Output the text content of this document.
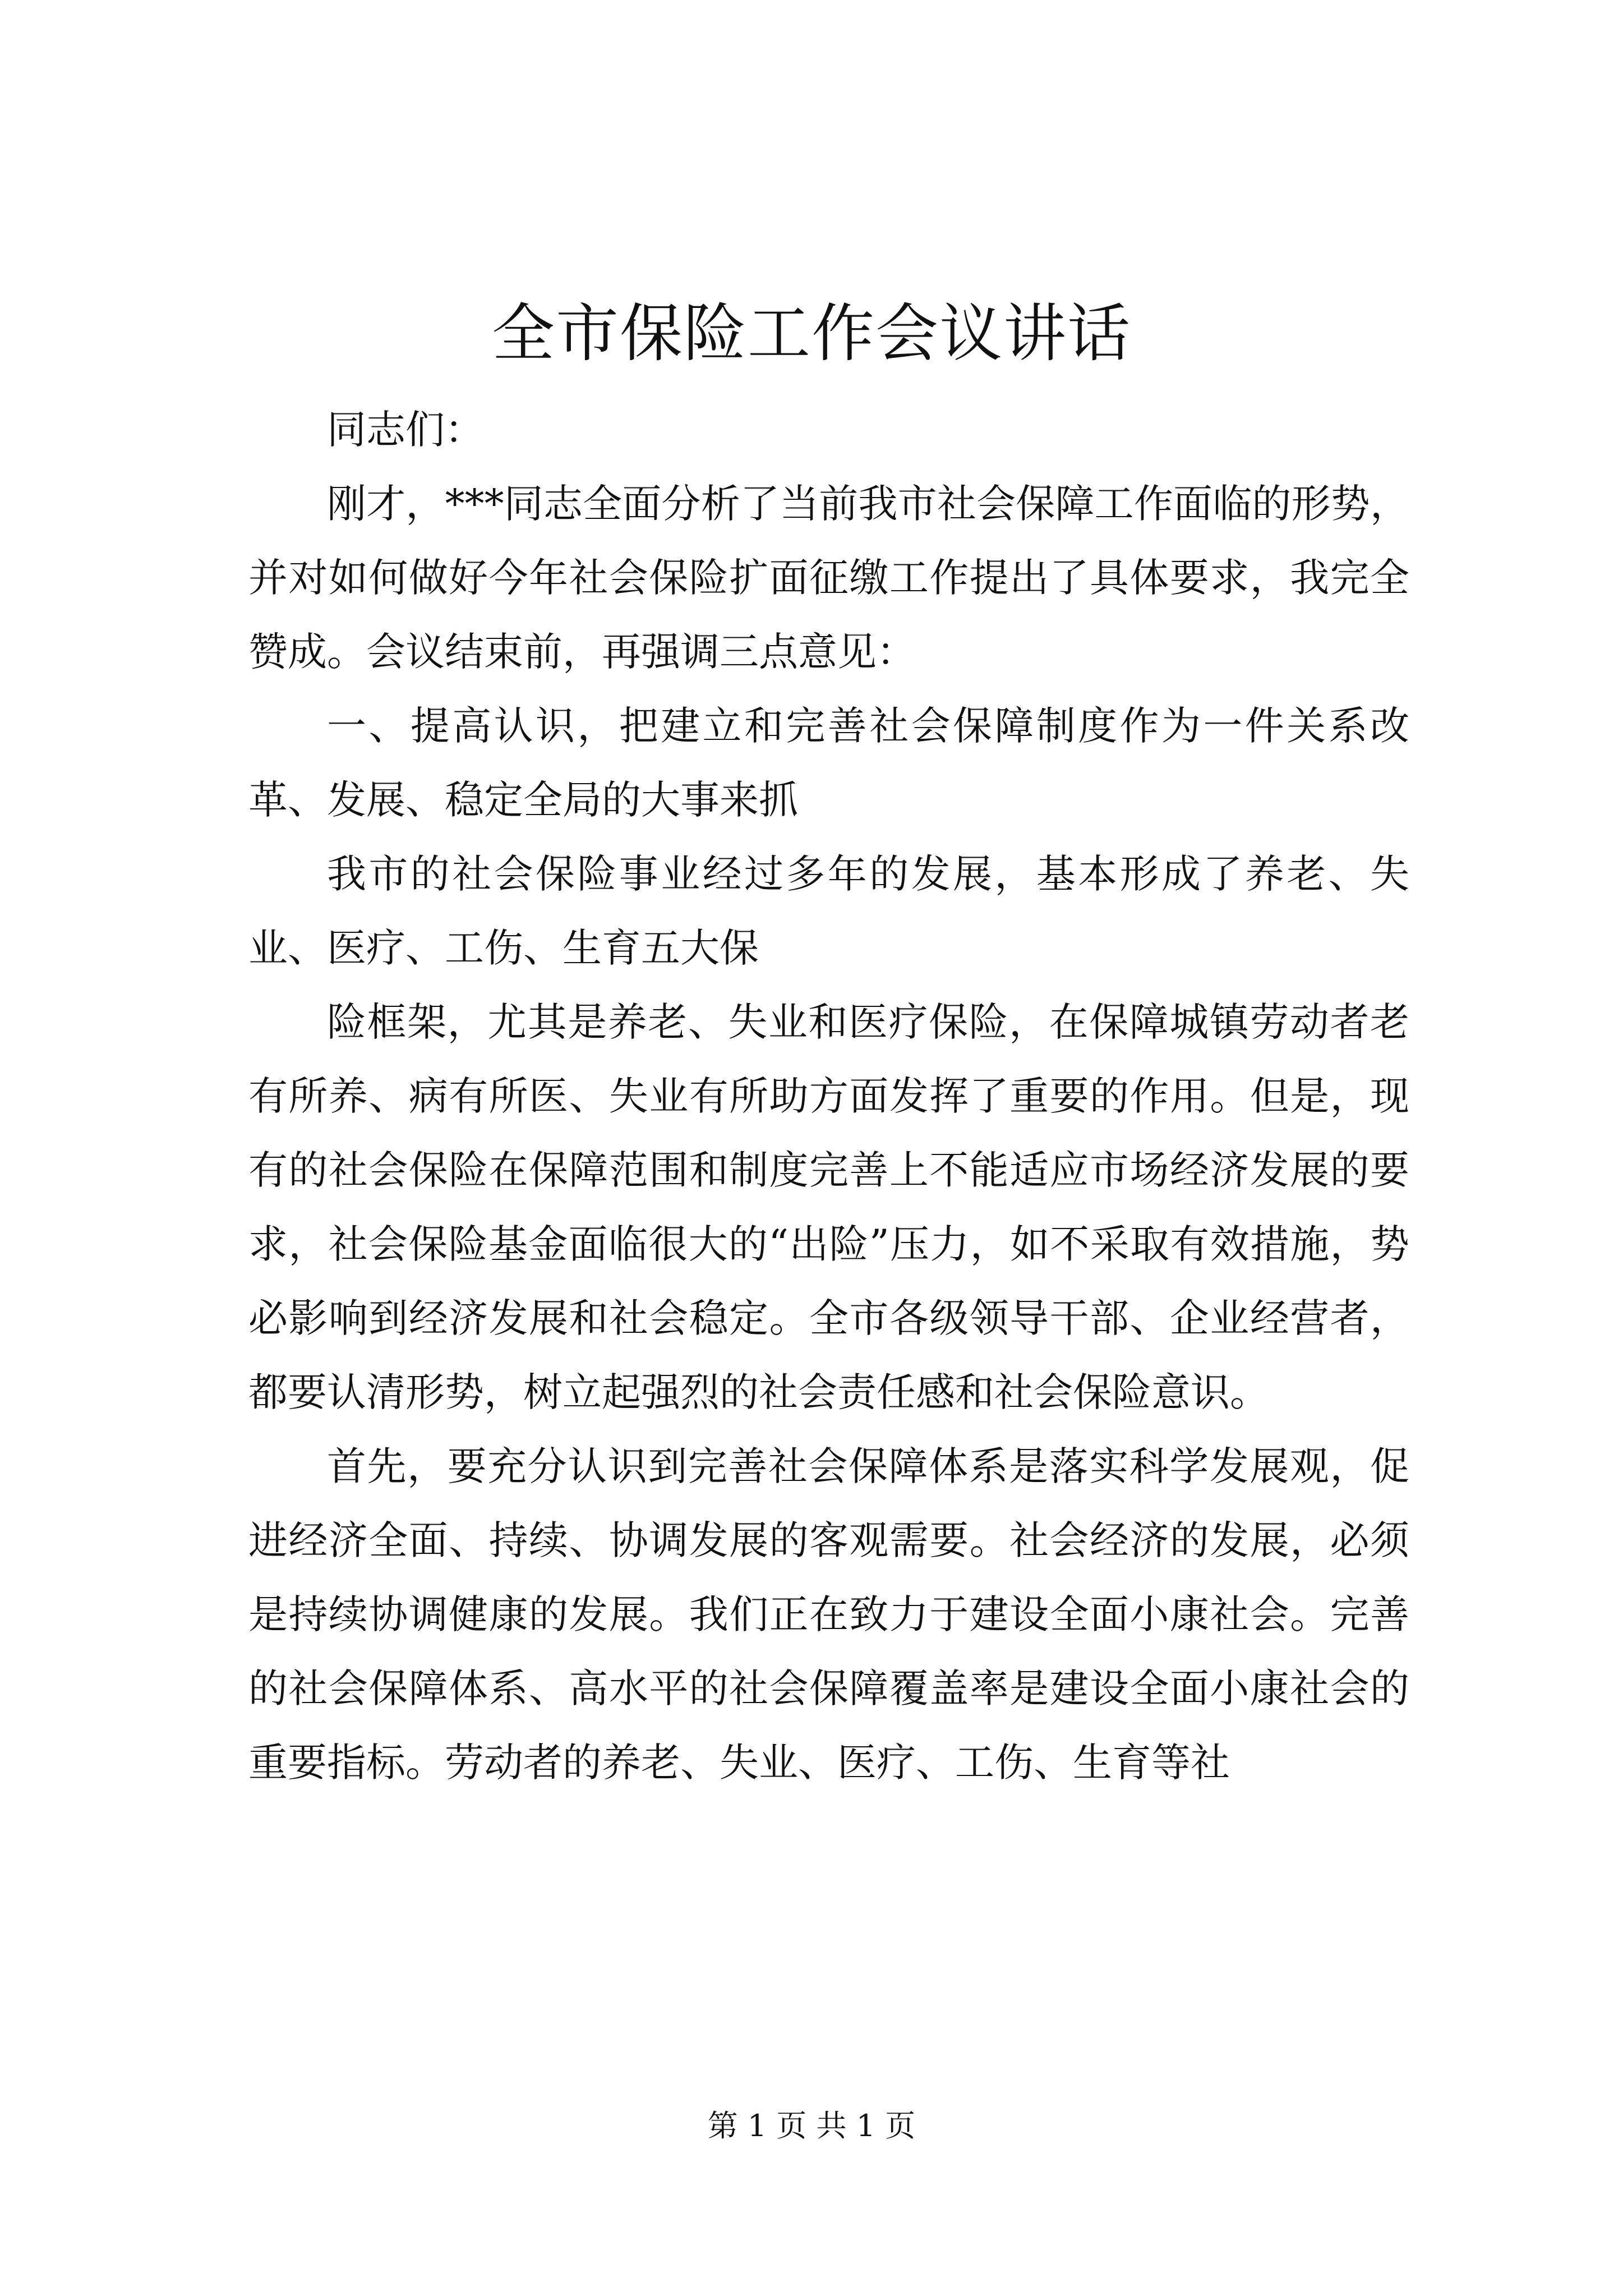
全市保险工作会议讲话

同志们：

刚才，***同志全面分析了当前我市社会保障工作面临的形势，并对如何做好今年社会保险扩面征缴工作提出了具体要求，我完全赞成。会议结束前，再强调三点意见：

一、提高认识，把建立和完善社会保障制度作为一件关系改革、发展、稳定全局的大事来抓

我市的社会保险事业经过多年的发展，基本形成了养老、失业、医疗、工伤、生育五大保

险框架，尤其是养老、失业和医疗保险，在保障城镇劳动者老有所养、病有所医、失业有所助方面发挥了重要的作用。但是，现有的社会保险在保障范围和制度完善上不能适应市场经济发展的要求，社会保险基金面临很大的“出险”压力，如不采取有效措施，势必影响到经济发展和社会稳定。全市各级领导干部、企业经营者，都要认清形势，树立起强烈的社会责任感和社会保险意识。

首先，要充分认识到完善社会保障体系是落实科学发展观，促进经济全面、持续、协调发展的客观需要。社会经济的发展，必须是持续协调健康的发展。我们正在致力于建设全面小康社会。完善的社会保障体系、高水平的社会保障覆盖率是建设全面小康社会的重要指标。劳动者的养老、失业、医疗、工伤、生育等社

第 1 页 共 1 页
